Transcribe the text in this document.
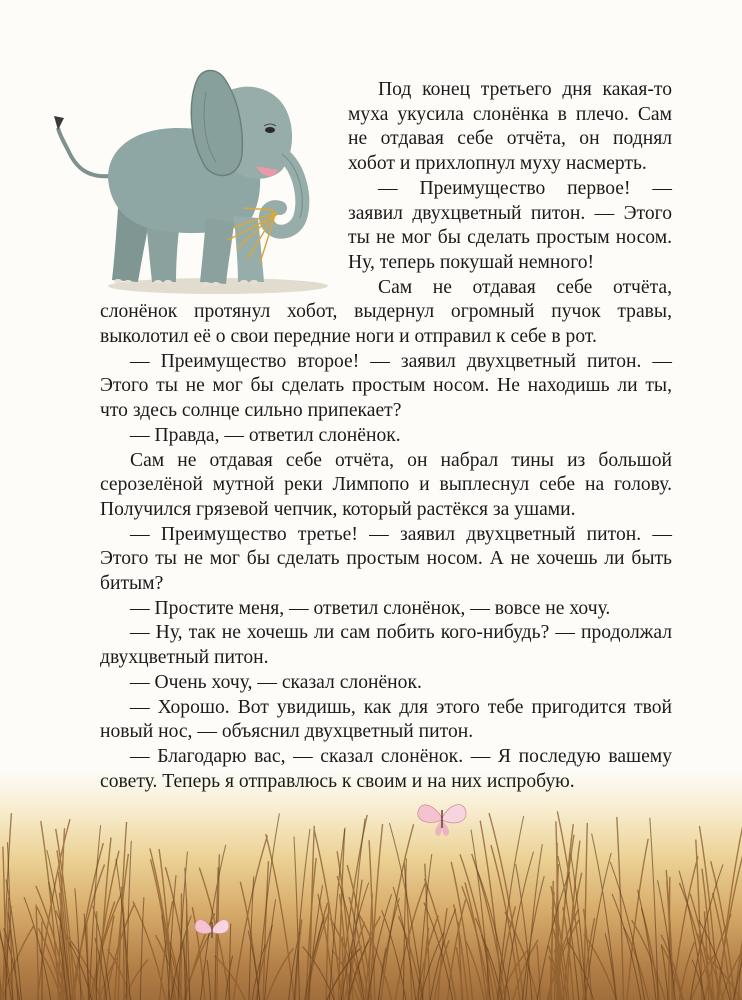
Под конец третьего дня какая-то муха укусила слонёнка в плечо. Сам не отдавая себе отчёта, он поднял хобот и прихлопнул муху насмерть.

— Преимущество первое! — заявил двухцветный питон. — Этого ты не мог бы сделать простым носом. Ну, теперь покушай немного!

Сам не отдавая себе отчёта, слонёнок протянул хобот, выдернул огромный пучок травы, выколотил её о свои передние ноги и отправил к себе в рот.

— Преимущество второе! — заявил двухцветный питон. — Этого ты не мог бы сделать простым носом. Не находишь ли ты, что здесь солнце сильно припекает?

— Правда, — ответил слонёнок.

Сам не отдавая себе отчёта, он набрал тины из большой серозелёной мутной реки Лимпопо и выплеснул себе на голову. Получился грязевой чепчик, который растёкся за ушами.

— Преимущество третье! — заявил двухцветный питон. — Этого ты не мог бы сделать простым носом. А не хочешь ли быть битым?

— Простите меня, — ответил слонёнок, — вовсе не хочу.

— Ну, так не хочешь ли сам побить кого-нибудь? — продолжал двухцветный питон.

— Очень хочу, — сказал слонёнок.

— Хорошо. Вот увидишь, как для этого тебе пригодится твой новый нос, — объяснил двухцветный питон.

— Благодарю вас, — сказал слонёнок. — Я последую вашему совету. Теперь я отправлюсь к своим и на них испробую.
